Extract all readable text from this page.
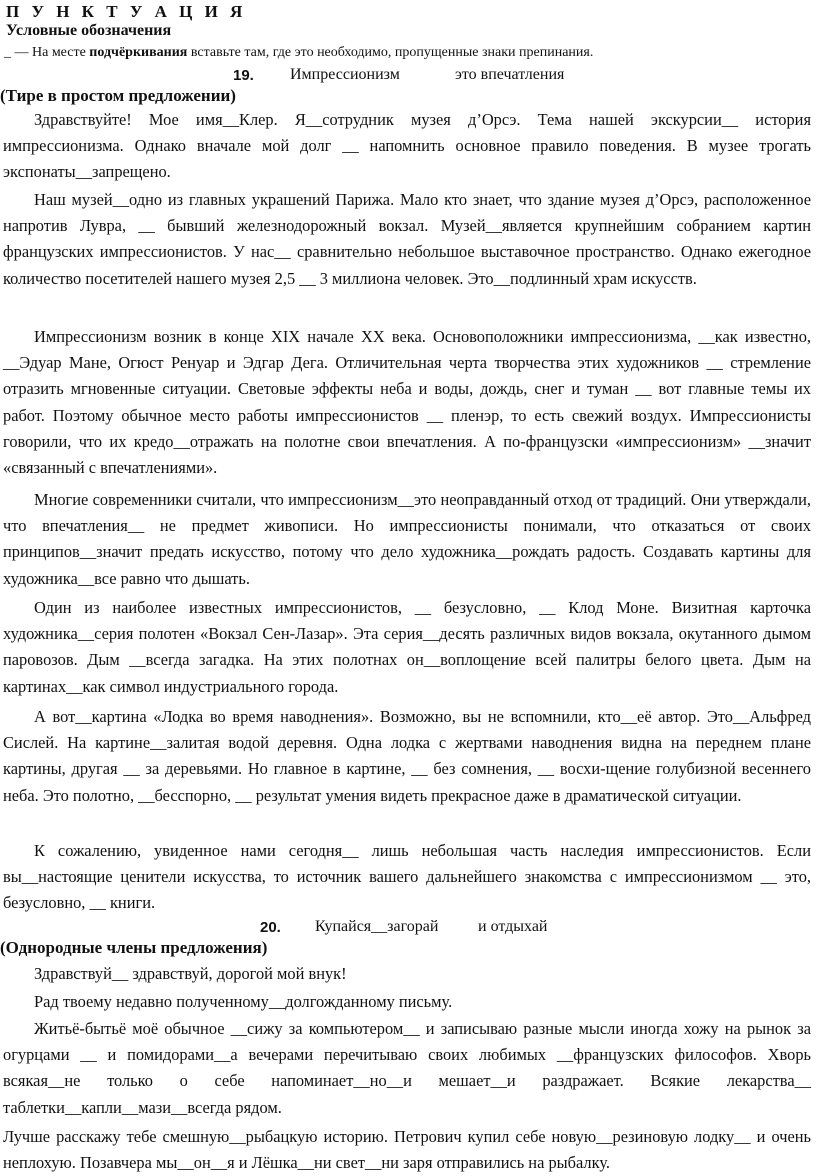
П У Н К Т У А Ц И Я
Условные обозначения
_ — На месте подчёркивания вставьте там, где это необходимо, пропущенные знаки препинания.
19. Импрессионизм	это впечатления
(Тире в простом предложении)
Здравствуйте! Мое имя__Клер. Я__сотрудник музея д’Орсэ. Тема нашей экскурсии__ история импрессионизма. Однако вначале мой долг __ напомнить основное правило поведения. В музее трогать экспонаты__запрещено.
Наш музей__одно из главных украшений Парижа. Мало кто знает, что здание музея д’Орсэ, расположенное напротив Лувра, __ бывший железнодорожный вокзал. Музей__является крупнейшим собранием картин французских импрессионистов. У нас__ сравнительно небольшое выставочное пространство. Однако ежегодное количество посетителей нашего музея 2,5 __ 3 миллиона человек. Это__подлинный храм искусств.
Импрессионизм возник в конце XIX начале XX века. Основоположники импрессионизма, __как известно, __Эдуар Мане, Огюст Ренуар и Эдгар Дега. Отличительная черта творчества этих художников __ стремление отразить мгновенные ситуации. Световые эффекты неба и воды, дождь, снег и туман __ вот главные темы их работ. Поэтому обычное место работы импрессионистов __ пленэр, то есть свежий воздух. Импрессионисты говорили, что их кредо__отражать на полотне свои впечатления. А по-французски «импрессионизм» __значит «связанный с впечатлениями».
Многие современники считали, что импрессионизм__это неоправданный отход от традиций. Они утверждали, что впечатления__ не предмет живописи. Но импрессионисты понимали, что отказаться от своих принципов__значит предать искусство, потому что дело художника__рождать радость. Создавать картины для художника__все равно что дышать.
Один из наиболее известных импрессионистов, __ безусловно, __ Клод Моне. Визитная карточка художника__серия полотен «Вокзал Сен-Лазар». Эта серия__десять различных видов вокзала, окутанного дымом паровозов. Дым __всегда загадка. На этих полотнах он__воплощение всей палитры белого цвета. Дым на картинах__как символ индустриального города.
А вот__картина «Лодка во время наводнения». Возможно, вы не вспомнили, кто__её автор. Это__Альфред Сислей. На картине__залитая водой деревня. Одна лодка с жертвами наводнения видна на переднем плане картины, другая __ за деревьями. Но главное в картине, __ без сомнения, __ восхи-щение голубизной весеннего неба. Это полотно, __бесспорно, __ результат умения видеть прекрасное даже в драматической ситуации.
К сожалению, увиденное нами сегодня__ лишь небольшая часть наследия импрессионистов. Если вы__настоящие ценители искусства, то источник вашего дальнейшего знакомства с импрессионизмом __ это, безусловно, __ книги.
20. Купайся__загорай и отдыхай
(Однородные члены предложения)
Здравствуй__ здравствуй, дорогой мой внук!
Рад твоему недавно полученному__долгожданному письму.
Житьё-бытьё моё обычное __сижу за компьютером__ и записываю разные мысли иногда хожу на рынок за огурцами __ и помидорами__а вечерами перечитываю своих любимых __французских философов. Хворь всякая__не только о себе напоминает__но__и мешает__и раздражает. Всякие лекарства__ таблетки__капли__мази__всегда рядом.
Лучше расскажу тебе смешную__рыбацкую историю. Петрович купил себе новую__резиновую лодку__ и очень неплохую. Позавчера мы__он__я и Лёшка__ни свет__ни заря отправились на рыбалку.
